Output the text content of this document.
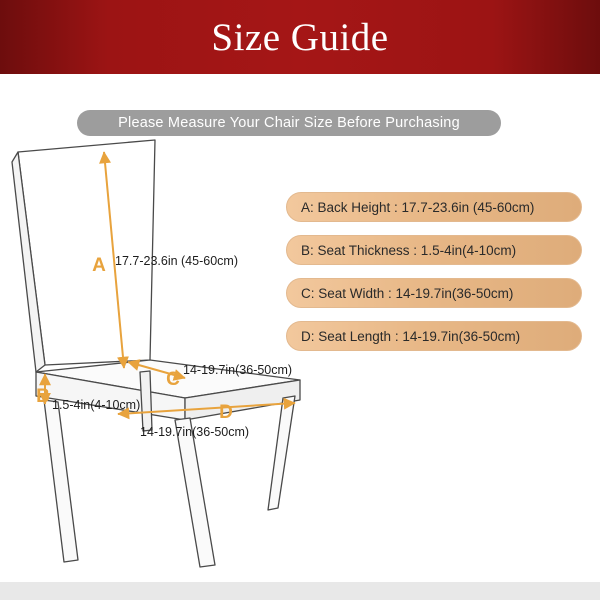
Size Guide
Please Measure Your Chair Size Before Purchasing
A: Back Height : 17.7-23.6in (45-60cm)
B: Seat Thickness : 1.5-4in(4-10cm)
C: Seat Width : 14-19.7in(36-50cm)
D: Seat Length : 14-19.7in(36-50cm)
A 17.7-23.6in (45-60cm)
C 14-19.7in(36-50cm)
B 1.5-4in(4-10cm)	D
14-19.7in(36-50cm)
